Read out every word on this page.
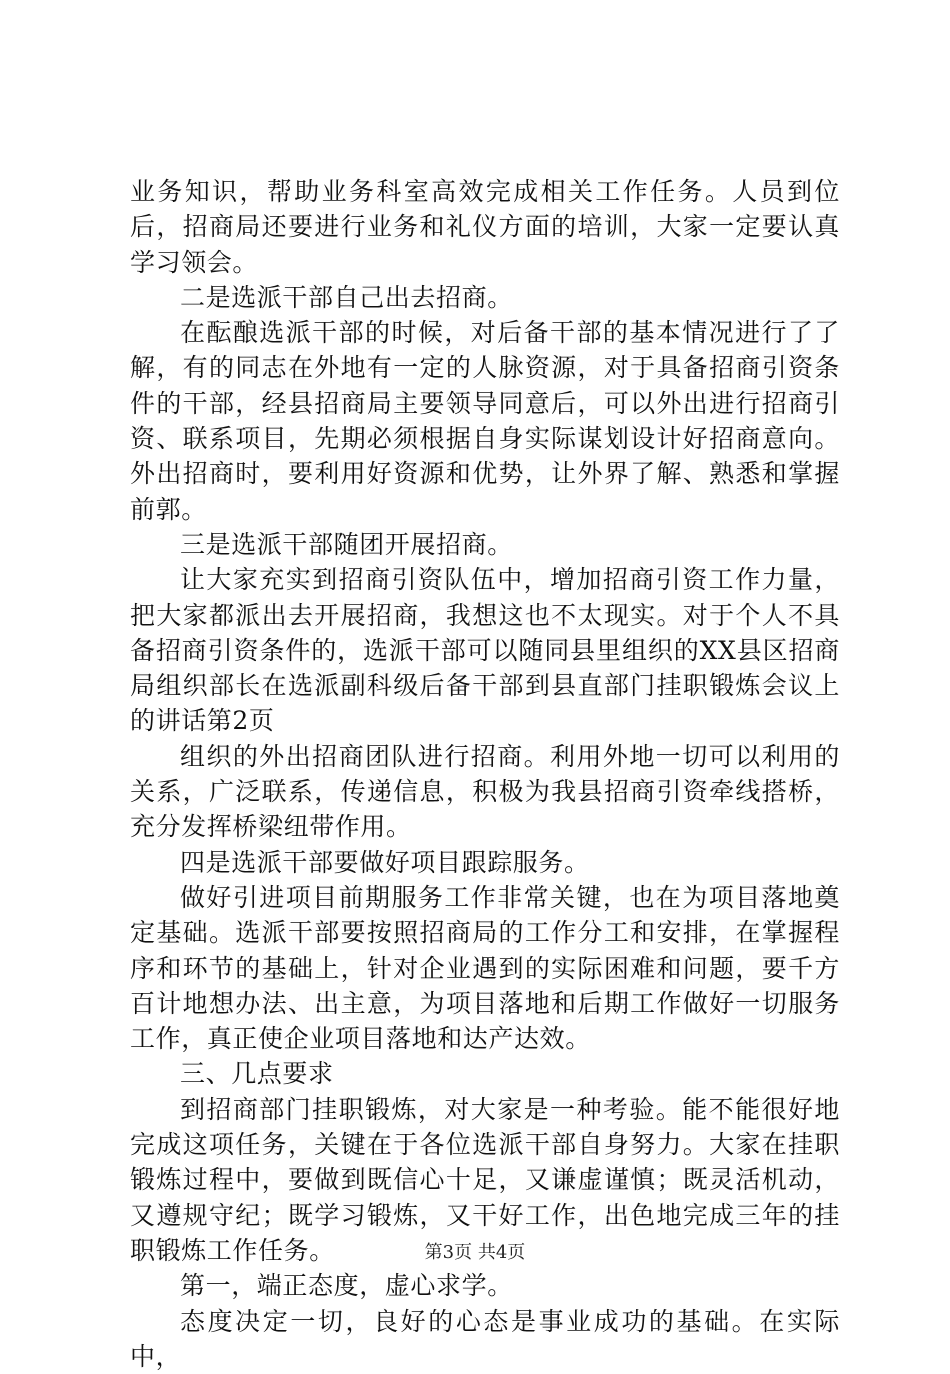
业务知识，帮助业务科室高效完成相关工作任务。人员到位后，招商局还要进行业务和礼仪方面的培训，大家一定要认真学习领会。

二是选派干部自己出去招商。

在酝酿选派干部的时候，对后备干部的基本情况进行了了解，有的同志在外地有一定的人脉资源，对于具备招商引资条件的干部，经县招商局主要领导同意后，可以外出进行招商引资、联系项目，先期必须根据自身实际谋划设计好招商意向。外出招商时，要利用好资源和优势，让外界了解、熟悉和掌握前郭。

三是选派干部随团开展招商。

让大家充实到招商引资队伍中，增加招商引资工作力量，把大家都派出去开展招商，我想这也不太现实。对于个人不具备招商引资条件的，选派干部可以随同县里组织的XX县区招商局组织部长在选派副科级后备干部到县直部门挂职锻炼会议上的讲话第2页

组织的外出招商团队进行招商。利用外地一切可以利用的关系，广泛联系，传递信息，积极为我县招商引资牵线搭桥，充分发挥桥梁纽带作用。

四是选派干部要做好项目跟踪服务。

做好引进项目前期服务工作非常关键，也在为项目落地奠定基础。选派干部要按照招商局的工作分工和安排，在掌握程序和环节的基础上，针对企业遇到的实际困难和问题，要千方百计地想办法、出主意，为项目落地和后期工作做好一切服务工作，真正使企业项目落地和达产达效。

三、几点要求

到招商部门挂职锻炼，对大家是一种考验。能不能很好地完成这项任务，关键在于各位选派干部自身努力。大家在挂职锻炼过程中，要做到既信心十足，又谦虚谨慎；既灵活机动，又遵规守纪；既学习锻炼，又干好工作，出色地完成三年的挂职锻炼工作任务。

第一，端正态度，虚心求学。

态度决定一切，良好的心态是事业成功的基础。在实际中，

第3页 共4页
